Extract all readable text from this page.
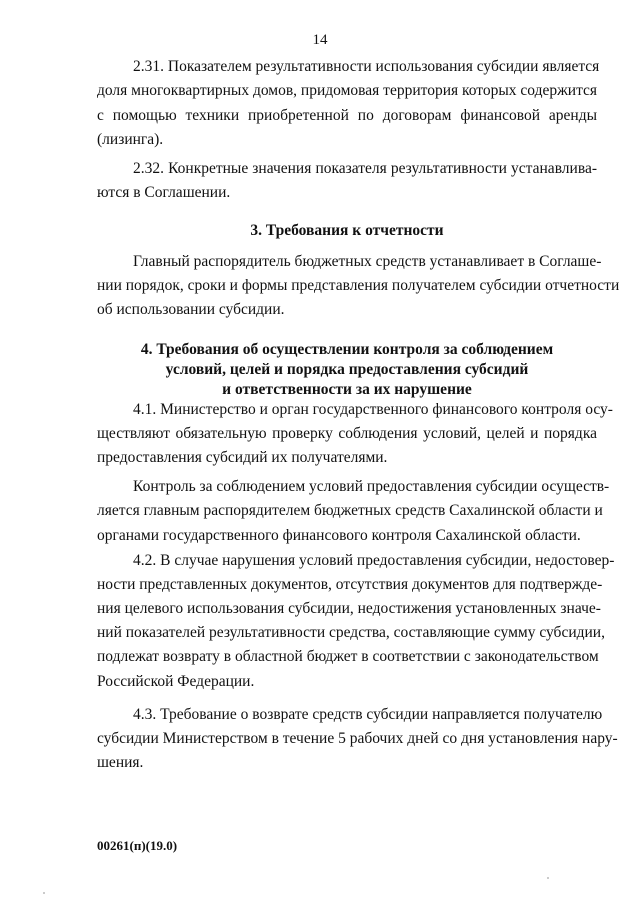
14
2.31. Показателем результативности использования субсидии является
доля многоквартирных домов, придомовая территория которых содержится
с помощью техники приобретенной по договорам финансовой аренды
(лизинга).
2.32. Конкретные значения показателя результативности устанавлива-
ются в Соглашении.
3. Требования к отчетности
Главный распорядитель бюджетных средств устанавливает в Соглаше-
нии порядок, сроки и формы представления получателем субсидии отчетности
об использовании субсидии.
4. Требования об осуществлении контроля за соблюдением
условий, целей и порядка предоставления субсидий
и ответственности за их нарушение
4.1. Министерство и орган государственного финансового контроля осу-
ществляют обязательную проверку соблюдения условий, целей и порядка
предоставления субсидий их получателями.
Контроль за соблюдением условий предоставления субсидии осуществ-
ляется главным распорядителем бюджетных средств Сахалинской области и
органами государственного финансового контроля Сахалинской области.
4.2. В случае нарушения условий предоставления субсидии, недостовер-
ности представленных документов, отсутствия документов для подтвержде-
ния целевого использования субсидии, недостижения установленных значе-
ний показателей результативности средства, составляющие сумму субсидии,
подлежат возврату в областной бюджет в соответствии с законодательством
Российской Федерации.
4.3. Требование о возврате средств субсидии направляется получателю
субсидии Министерством в течение 5 рабочих дней со дня установления нару-
шения.
00261(п)(19.0)
